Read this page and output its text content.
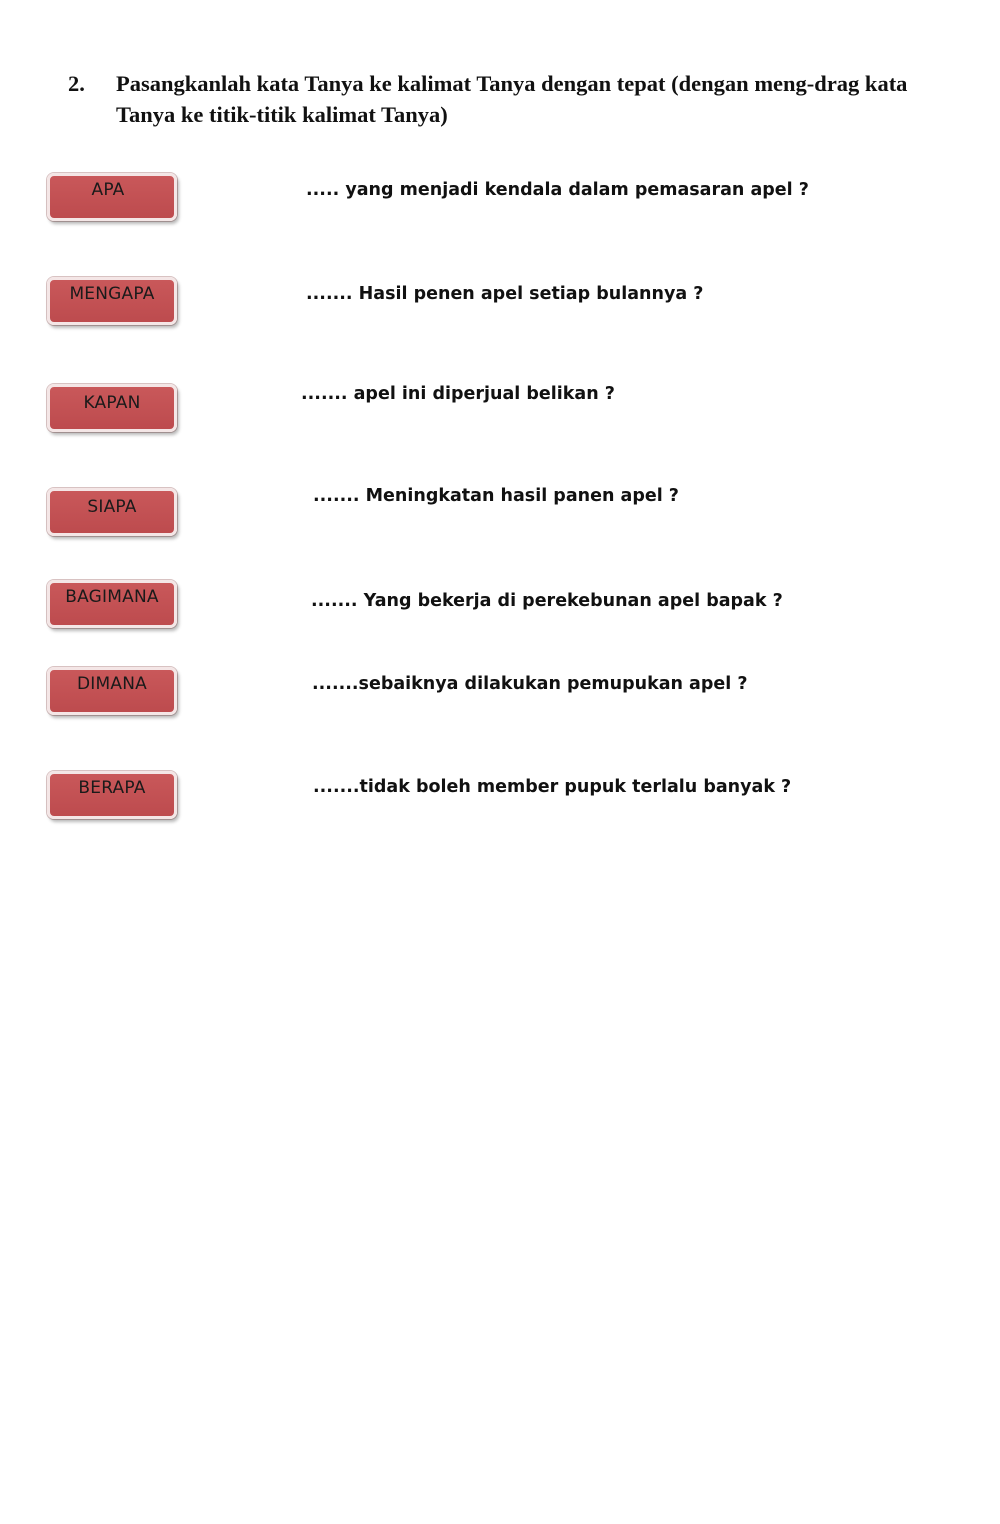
2. Pasangkanlah kata Tanya ke kalimat Tanya dengan tepat (dengan meng-drag kata Tanya ke titik-titik kalimat Tanya)
APA
MENGAPA
KAPAN
SIAPA
BAGIMANA
DIMANA
BERAPA
..... yang menjadi kendala dalam pemasaran apel ?
....... Hasil penen apel setiap bulannya ?
....... apel ini diperjual belikan ?
....... Meningkatan hasil panen apel ?
....... Yang bekerja di perekebunan apel bapak ?
.......sebaiknya dilakukan pemupukan apel ?
.......tidak boleh member pupuk terlalu banyak ?
